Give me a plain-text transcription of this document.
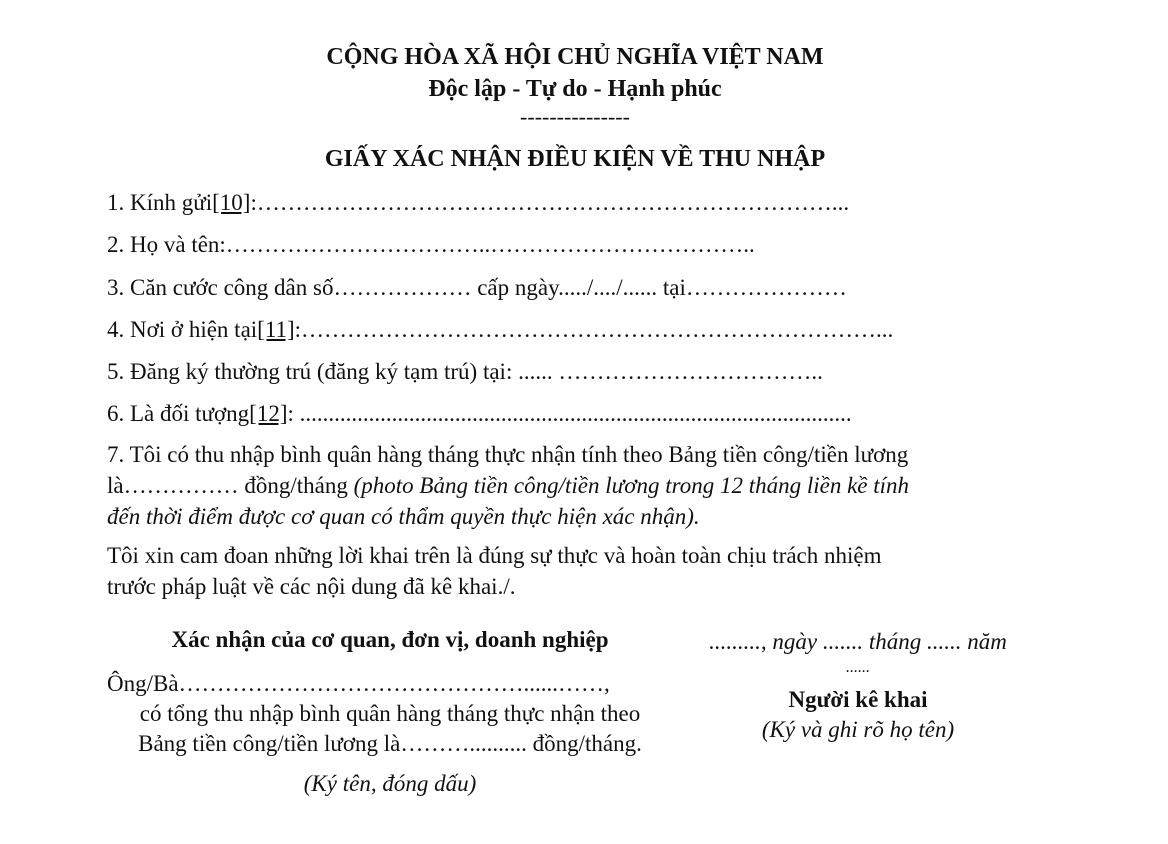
CỘNG HÒA XÃ HỘI CHỦ NGHĨA VIỆT NAM
Độc lập - Tự do - Hạnh phúc
---------------
GIẤY XÁC NHẬN ĐIỀU KIỆN VỀ THU NHẬP
1. Kính gửi[10]:…………………………………………………………………...
2. Họ và tên:……………………………..……………………………..
3. Căn cước công dân số……………… cấp ngày...../..../...... tại…………………
4. Nơi ở hiện tại[11]:…………………………………………………………………...
5. Đăng ký thường trú (đăng ký tạm trú) tại: ...... ……………………………..
6. Là đối tượng[12]: ................................................................................................
7. Tôi có thu nhập bình quân hàng tháng thực nhận tính theo Bảng tiền công/tiền lương
là…………… đồng/tháng (photo Bảng tiền công/tiền lương trong 12 tháng liền kề tính
đến thời điểm được cơ quan có thẩm quyền thực hiện xác nhận).
Tôi xin cam đoan những lời khai trên là đúng sự thực và hoàn toàn chịu trách nhiệm
trước pháp luật về các nội dung đã kê khai./.
Xác nhận của cơ quan, đơn vị, doanh nghiệp
Ông/Bà………………………………………......……,
có tổng thu nhập bình quân hàng tháng thực nhận theo
Bảng tiền công/tiền lương là……….......... đồng/tháng.
(Ký tên, đóng dấu)
........., ngày ....... tháng ...... năm
......
Người kê khai
(Ký và ghi rõ họ tên)
